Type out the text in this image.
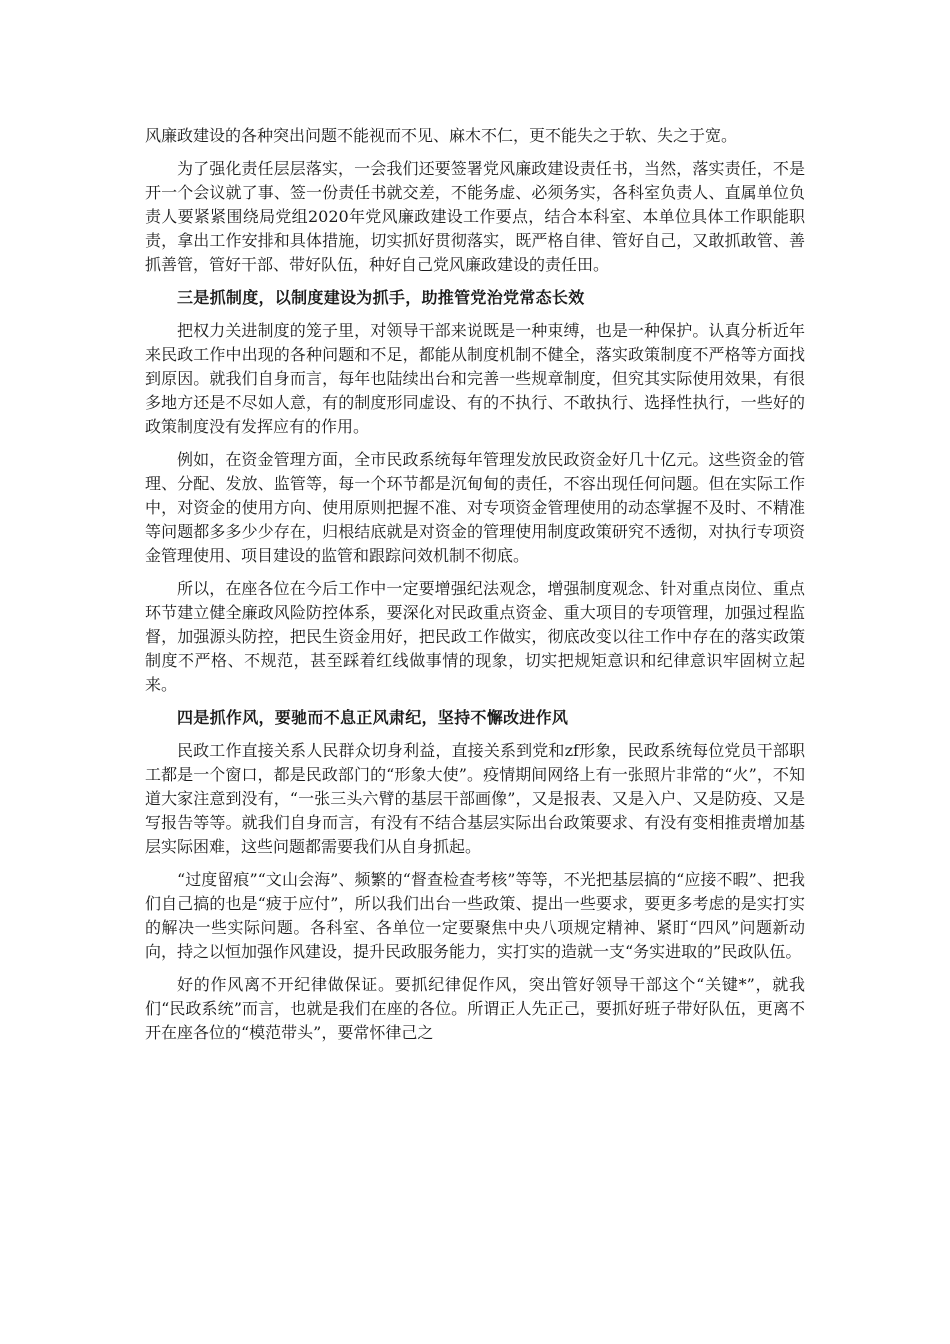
风廉政建设的各种突出问题不能视而不见、麻木不仁，更不能失之于软、失之于宽。

为了强化责任层层落实，一会我们还要签署党风廉政建设责任书，当然，落实责任，不是开一个会议就了事、签一份责任书就交差，不能务虚、必须务实，各科室负责人、直属单位负责人要紧紧围绕局党组2020年党风廉政建设工作要点，结合本科室、本单位具体工作职能职责，拿出工作安排和具体措施，切实抓好贯彻落实，既严格自律、管好自己，又敢抓敢管、善抓善管，管好干部、带好队伍，种好自己党风廉政建设的责任田。

三是抓制度，以制度建设为抓手，助推管党治党常态长效

把权力关进制度的笼子里，对领导干部来说既是一种束缚，也是一种保护。认真分析近年来民政工作中出现的各种问题和不足，都能从制度机制不健全，落实政策制度不严格等方面找到原因。就我们自身而言，每年也陆续出台和完善一些规章制度，但究其实际使用效果，有很多地方还是不尽如人意，有的制度形同虚设、有的不执行、不敢执行、选择性执行，一些好的政策制度没有发挥应有的作用。

例如，在资金管理方面，全市民政系统每年管理发放民政资金好几十亿元。这些资金的管理、分配、发放、监管等，每一个环节都是沉甸甸的责任，不容出现任何问题。但在实际工作中，对资金的使用方向、使用原则把握不准、对专项资金管理使用的动态掌握不及时、不精准等问题都多多少少存在，归根结底就是对资金的管理使用制度政策研究不透彻，对执行专项资金管理使用、项目建设的监管和跟踪问效机制不彻底。

所以，在座各位在今后工作中一定要增强纪法观念，增强制度观念、针对重点岗位、重点环节建立健全廉政风险防控体系，要深化对民政重点资金、重大项目的专项管理，加强过程监督，加强源头防控，把民生资金用好，把民政工作做实，彻底改变以往工作中存在的落实政策制度不严格、不规范，甚至踩着红线做事情的现象，切实把规矩意识和纪律意识牢固树立起来。

四是抓作风，要驰而不息正风肃纪，坚持不懈改进作风

民政工作直接关系人民群众切身利益，直接关系到党和zf形象，民政系统每位党员干部职工都是一个窗口，都是民政部门的“形象大使”。疫情期间网络上有一张照片非常的“火”，不知道大家注意到没有，“一张三头六臂的基层干部画像”，又是报表、又是入户、又是防疫、又是写报告等等。就我们自身而言，有没有不结合基层实际出台政策要求、有没有变相推责增加基层实际困难，这些问题都需要我们从自身抓起。

“过度留痕”“文山会海”、频繁的“督查检查考核”等等，不光把基层搞的“应接不暇”、把我们自己搞的也是“疲于应付”，所以我们出台一些政策、提出一些要求，要更多考虑的是实打实的解决一些实际问题。各科室、各单位一定要聚焦中央八项规定精神、紧盯“四风”问题新动向，持之以恒加强作风建设，提升民政服务能力，实打实的造就一支“务实进取的”民政队伍。

好的作风离不开纪律做保证。要抓纪律促作风，突出管好领导干部这个“关键*”，就我们“民政系统”而言，也就是我们在座的各位。所谓正人先正己，要抓好班子带好队伍，更离不开在座各位的“模范带头”，要常怀律己之
